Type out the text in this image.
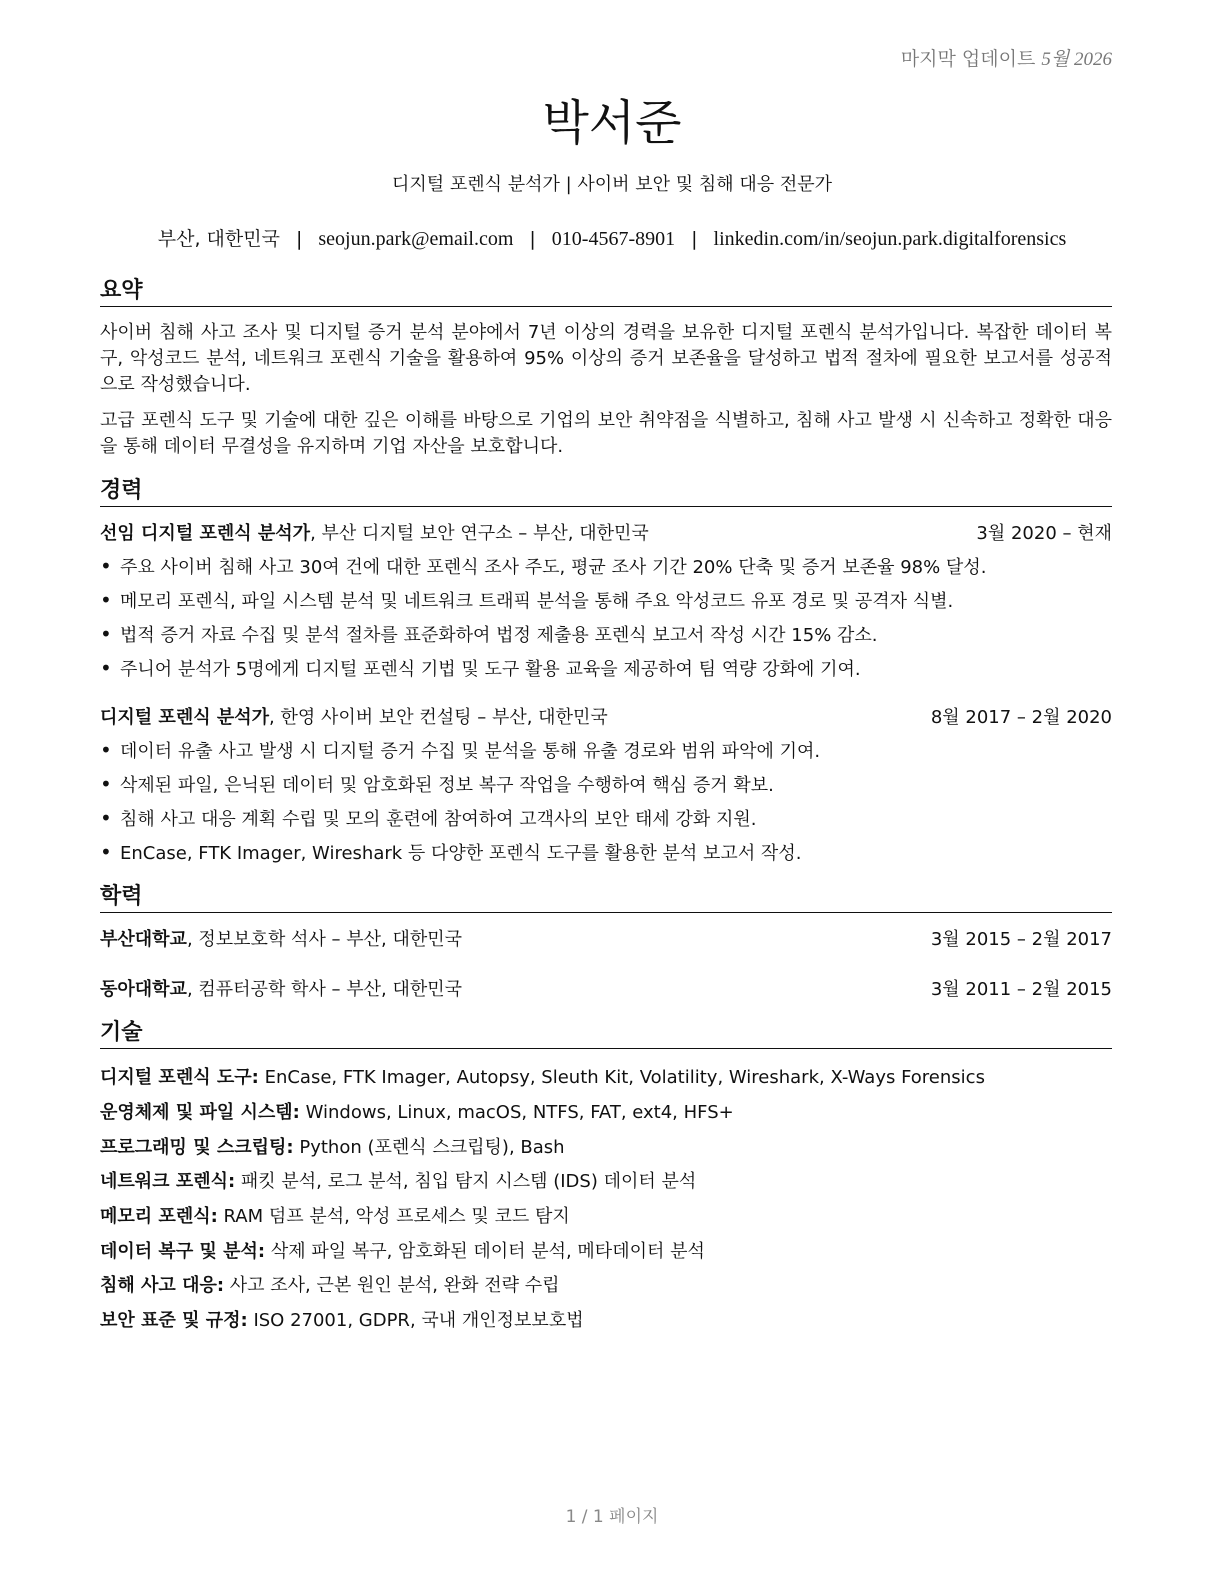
마지막 업데이트 5월 2026
박서준
디지털 포렌식 분석가 | 사이버 보안 및 침해 대응 전문가
부산, 대한민국 | seojun.park@email.com | 010-4567-8901 | linkedin.com/in/seojun.park.digitalforensics
요약
사이버 침해 사고 조사 및 디지털 증거 분석 분야에서 7년 이상의 경력을 보유한 디지털 포렌식 분석가입니다. 복잡한 데이터 복구, 악성코드 분석, 네트워크 포렌식 기술을 활용하여 95% 이상의 증거 보존율을 달성하고 법적 절차에 필요한 보고서를 성공적으로 작성했습니다.
고급 포렌식 도구 및 기술에 대한 깊은 이해를 바탕으로 기업의 보안 취약점을 식별하고, 침해 사고 발생 시 신속하고 정확한 대응을 통해 데이터 무결성을 유지하며 기업 자산을 보호합니다.
경력
선임 디지털 포렌식 분석가, 부산 디지털 보안 연구소 – 부산, 대한민국	3월 2020 – 현재
• 주요 사이버 침해 사고 30여 건에 대한 포렌식 조사 주도, 평균 조사 기간 20% 단축 및 증거 보존율 98% 달성.
• 메모리 포렌식, 파일 시스템 분석 및 네트워크 트래픽 분석을 통해 주요 악성코드 유포 경로 및 공격자 식별.
• 법적 증거 자료 수집 및 분석 절차를 표준화하여 법정 제출용 포렌식 보고서 작성 시간 15% 감소.
• 주니어 분석가 5명에게 디지털 포렌식 기법 및 도구 활용 교육을 제공하여 팀 역량 강화에 기여.
디지털 포렌식 분석가, 한영 사이버 보안 컨설팅 – 부산, 대한민국	8월 2017 – 2월 2020
• 데이터 유출 사고 발생 시 디지털 증거 수집 및 분석을 통해 유출 경로와 범위 파악에 기여.
• 삭제된 파일, 은닉된 데이터 및 암호화된 정보 복구 작업을 수행하여 핵심 증거 확보.
• 침해 사고 대응 계획 수립 및 모의 훈련에 참여하여 고객사의 보안 태세 강화 지원.
• EnCase, FTK Imager, Wireshark 등 다양한 포렌식 도구를 활용한 분석 보고서 작성.
학력
부산대학교, 정보보호학 석사 – 부산, 대한민국	3월 2015 – 2월 2017
동아대학교, 컴퓨터공학 학사 – 부산, 대한민국	3월 2011 – 2월 2015
기술
디지털 포렌식 도구: EnCase, FTK Imager, Autopsy, Sleuth Kit, Volatility, Wireshark, X-Ways Forensics
운영체제 및 파일 시스템: Windows, Linux, macOS, NTFS, FAT, ext4, HFS+
프로그래밍 및 스크립팅: Python (포렌식 스크립팅), Bash
네트워크 포렌식: 패킷 분석, 로그 분석, 침입 탐지 시스템 (IDS) 데이터 분석
메모리 포렌식: RAM 덤프 분석, 악성 프로세스 및 코드 탐지
데이터 복구 및 분석: 삭제 파일 복구, 암호화된 데이터 분석, 메타데이터 분석
침해 사고 대응: 사고 조사, 근본 원인 분석, 완화 전략 수립
보안 표준 및 규정: ISO 27001, GDPR, 국내 개인정보보호법
1 / 1 페이지
